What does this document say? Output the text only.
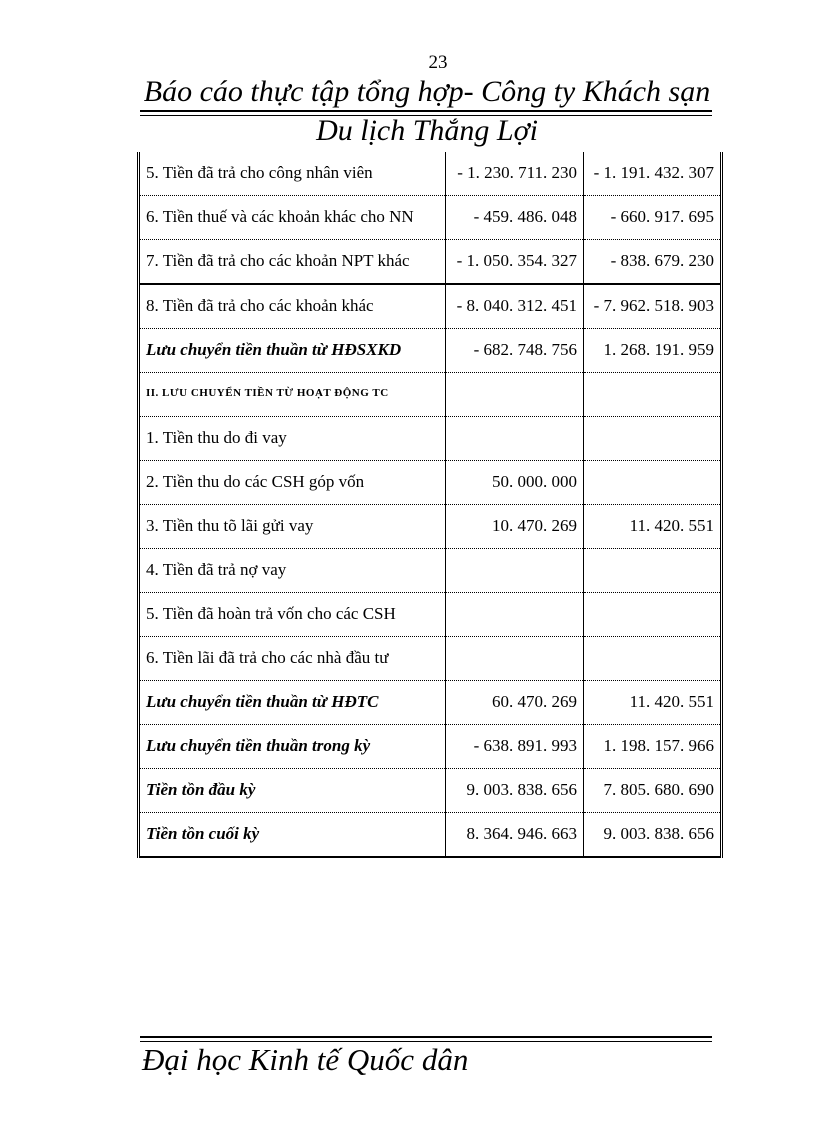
23
Báo cáo thực tập tổng hợp- Công ty Khách sạn
Du lịch Thắng Lợi
5. Tiền đã trả cho công nhân viên	- 1. 230. 711. 230	- 1. 191. 432. 307
6. Tiền thuế và các khoản khác cho NN	- 459. 486. 048	- 660. 917. 695
7. Tiền đã trả cho các khoản NPT khác	- 1. 050. 354. 327	- 838. 679. 230
8. Tiền đã trả cho các khoản khác	- 8. 040. 312. 451	- 7. 962. 518. 903
Lưu chuyển tiền thuần từ HĐSXKD	- 682. 748. 756	1. 268. 191. 959
II. LƯU CHUYỂN TIỀN TỪ HOẠT ĐỘNG TC		
1. Tiền thu do đi vay		
2. Tiền thu do các CSH góp vốn	50. 000. 000	
3. Tiền thu tõ lãi gửi vay	10. 470. 269	11. 420. 551
4. Tiền đã trả nợ vay		
5. Tiền đã hoàn trả vốn cho các CSH		
6. Tiền lãi đã trả cho các nhà đầu tư		
Lưu chuyển tiền thuần từ HĐTC	60. 470. 269	11. 420. 551
Lưu chuyển tiền thuần trong kỳ	- 638. 891. 993	1. 198. 157. 966
Tiền tồn đầu kỳ	9. 003. 838. 656	7. 805. 680. 690
Tiền tồn cuối kỳ	8. 364. 946. 663	9. 003. 838. 656
Đại học Kinh tế Quốc dân
